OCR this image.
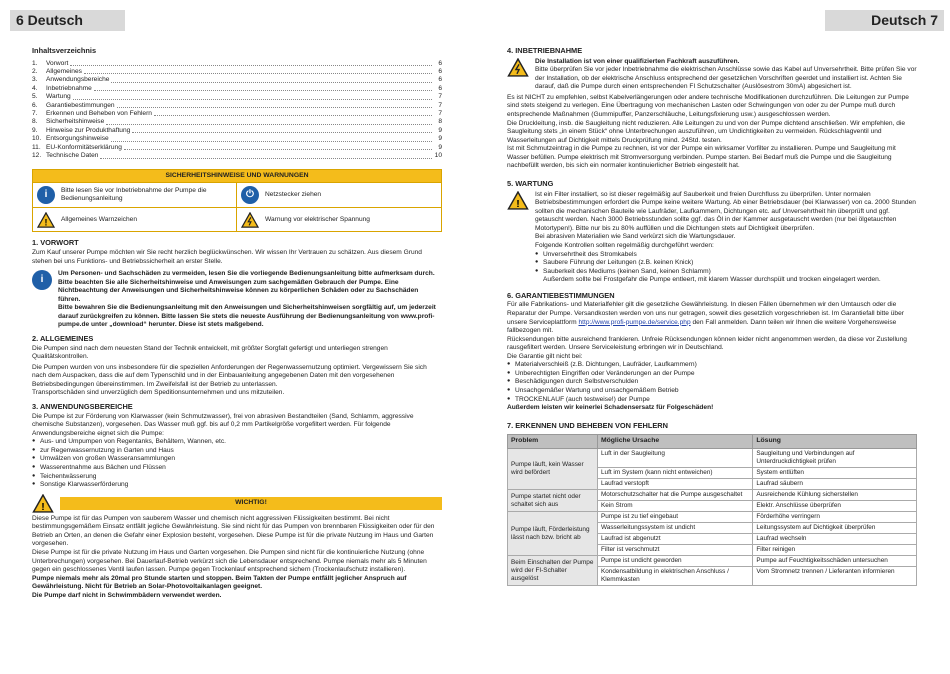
6 Deutsch
Inhaltsverzeichnis
1.	Vorwort	6
2.	Allgemeines	6
3.	Anwendungsbereiche	6
4.	Inbetriebnahme	6
5.	Wartung	7
6.	Garantiebestimmungen	7
7.	Erkennen und Beheben von Fehlern	7
8.	Sicherheitshinweise	8
9.	Hinweise zur Produkthaftung	9
10. Entsorgungshinweise	9
11. EU-Konformitätserklärung	9
12. Technische Daten	10
SICHERHEITSHINWEISE UND WARNUNGEN
i	Bitte lesen Sie vor Inbetriebnahme der Pumpe die Bedienungsanleitung	⏻	Netzstecker ziehen
! Allgemeines Warnzeichen	Warnung vor elektrischer Spannung
1. VORWORT

Zum Kauf unserer Pumpe möchten wir Sie recht herzlich beglückwünschen. Wir wissen Ihr Vertrauen zu schätzen. Aus diesem Grund stehen bei uns Funktions- und Betriebssicherheit an erster Stelle.

i

Um Personen- und Sachschäden zu vermeiden, lesen Sie die vorliegende Bedienungsanleitung bitte aufmerksam durch. Bitte beachten Sie alle Sicherheitshinweise und Anweisungen zum sachgemäßen Gebrauch der Pumpe. Eine Nichtbeachtung der Anweisungen und Sicherheitshinweise können zu körperlichen Schäden oder zu Sachschäden führen.

Bitte bewahren Sie die Bedienungsanleitung mit den Anweisungen und Sicherheitshinweisen sorgfältig auf, um jederzeit darauf zurückgreifen zu können. Bitte lassen Sie stets die neueste Ausführung der Bedienungsanleitung von www.profi-pumpe.de unter „download“ herunter. Diese ist stets maßgebend.

2. ALLGEMEINES

Die Pumpen sind nach dem neuesten Stand der Technik entwickelt, mit größter Sorgfalt gefertigt und unterliegen strengen Qualitätskontrollen.

Die Pumpen wurden von uns insbesondere für die speziellen Anforderungen der Regenwassernutzung optimiert. Vergewissern Sie sich nach dem Auspacken, dass die auf dem Typenschild und in der Einbauanleitung angegebenen Daten mit den vorgesehenen Betriebsbedingungen übereinstimmen. Im Zweifelsfall ist der Betrieb zu unterlassen.

Transportschäden sind unverzüglich dem Speditionsunternehmen und uns mitzuteilen.

3. ANWENDUNGSBEREICHE

Die Pumpe ist zur Förderung von Klarwasser (kein Schmutzwasser), frei von abrasiven Bestandteilen (Sand, Schlamm, aggressive chemische Substanzen), vorgesehen. Das Wasser muß ggf. bis auf 0,2 mm Partikelgröße vorgefiltert werden. Für folgende Anwendungsbereiche eignet sich die Pumpe:

● Aus- und Umpumpen von Regentanks, Behältern, Wannen, etc.
● zur Regenwassernutzung in Garten und Haus
● Umwälzen von großen Wasseransammlungen
● Wasserentnahme aus Bächen und Flüssen
● Teichentwässerung
● Sonstige Klarwasserförderung
!	WICHTIG!

Diese Pumpe ist für das Pumpen von sauberem Wasser und chemisch nicht aggressiven Flüssigkeiten bestimmt. Bei nicht bestimmungsgemäßem Einsatz entfällt jegliche Gewährleistung. Sie sind nicht für das Pumpen von brennbaren Flüssigkeiten oder für den Betrieb an Orten, an denen die Gefahr einer Explosion besteht, vorgesehen. Diese Pumpe ist für die private Nutzung im Haus und Garten vorgesehen.

Diese Pumpe ist für die private Nutzung im Haus und Garten vorgesehen. Die Pumpen sind nicht für die kontinuierliche Nutzung (ohne Unterbrechungen) vorgesehen. Bei Dauerlauf-Betrieb verkürzt sich die Lebensdauer entsprechend. Pumpe niemals mehr als 5 Minuten gegen ein geschlossenes Ventil laufen lassen. Pumpe gegen Trockenlauf entsprechend sichern (Trockenlaufschutz installieren).

Pumpe niemals mehr als 20mal pro Stunde starten und stoppen. Beim Takten der Pumpe entfällt jeglicher Anspruch auf Gewährleistung. Nicht für Betrieb an Solar-Photovoltaikanlagen geeignet.

Die Pumpe darf nicht in Schwimmbädern verwendet werden.

Deutsch 7
4. INBETRIEBNAHME

Die Installation ist von einer qualifizierten Fachkraft auszuführen.

Bitte überprüfen Sie vor jeder Inbetriebnahme die elektrischen Anschlüsse sowie das Kabel auf Unversehrtheit. Bitte prüfen Sie vor der Installation, ob der elektrische Anschluss entsprechend der gesetzlichen Vorschriften geerdet und installiert ist. Achten Sie darauf, daß die Pumpe durch einen entsprechenden FI Schutzschalter (Auslösestrom 30mA) abgesichert ist.

Es ist NICHT zu empfehlen, selbst Kabelverlängerungen oder andere technische Modifikationen durchzuführen. Die Leitungen zur Pumpe sind stets steigend zu verlegen. Eine Übertragung von mechanischen Lasten oder Schwingungen von oder zu der Pumpe muß durch entsprechende Maßnahmen (Gummipuffer, Panzerschläuche, Leitungsfixierung usw.) ausgeschlossen werden.

Die Druckleitung, insb. die Saugleitung nicht reduzieren. Alle Leitungen zu und von der Pumpe dichtend anschließen. Wir empfehlen, die Saugleitung stets „in einem Stück“ ohne Unterbrechungen auszuführen, um Undichtigkeiten zu vermeiden. Rückschlagventil und Wasserleitungen auf Dichtigkeit mittels Druckprüfung mind. 24Std. testen.

Ist mit Schmutzeintrag in die Pumpe zu rechnen, ist vor der Pumpe ein wirksamer Vorfilter zu installieren. Pumpe und Saugleitung mit Wasser befüllen. Pumpe elektrisch mit Stromversorgung verbinden. Pumpe starten. Bei Bedarf muß die Pumpe und die Saugleitung nachbefüllt werden, bis sich ein normaler kontinuierlicher Betrieb eingestellt hat.

5. WARTUNG
!

Ist ein Filter installiert, so ist dieser regelmäßig auf Sauberkeit und freien Durchfluss zu überprüfen. Unter normalen Betriebsbestimmungen erfordert die Pumpe keine weitere Wartung. Ab einer Betriebsdauer (bei Klarwasser) von ca. 2000 Stunden sollten die mechanischen Bauteile wie Laufräder, Laufkammern, Dichtungen etc. auf Unversehrtheit hin überprüft und ggf. getauscht werden. Nach 3000 Betriebsstunden sollte ggf. das Öl in der Kammer ausgetauscht werden (nur bei ölgetauchten Motortypen!). Bitte nur bis zu 80% auffüllen und die Dichtungen stets auf Dichtigkeit überprüfen.

Bei abrasiven Materialien wie Sand verkürzt sich die Wartungsdauer.

Folgende Kontrollen sollten regelmäßig durchgeführt werden:

● Unversehrtheit des Stromkabels
● Saubere Führung der Leitungen (z.B. keinen Knick)
● Sauberkeit des Mediums (keinen Sand, keinen Schlamm)

Außerdem sollte bei Frostgefahr die Pumpe entleert, mit klarem Wasser durchspült und trocken eingelagert werden.

6. GARANTIEBESTIMMUNGEN

Für alle Fabrikations- und Materialfehler gilt die gesetzliche Gewährleistung. In diesen Fällen übernehmen wir den Umtausch oder die Reparatur der Pumpe. Versandkosten werden von uns nur getragen, soweit dies gesetzlich vorgeschrieben ist. Im Garantiefall bitte über unsere Serviceplattform http://www.profi-pumpe.de/service.php den Fall anmelden. Dann teilen wir Ihnen die weitere Vorgehensweise fallbezogen mit.

Rücksendungen bitte ausreichend frankieren. Unfreie Rücksendungen können leider nicht angenommen werden, da diese vor Zustellung rausgefiltert werden. Unsere Serviceleistung erbringen wir in Deutschland.

Die Garantie gilt nicht bei:

● Materialverschleiß (z.B. Dichtungen, Laufräder, Laufkammern)
● Unberechtigten Eingriffen oder Veränderungen an der Pumpe
● Beschädigungen durch Selbstverschulden
● Unsachgemäßer Wartung und unsachgemäßem Betrieb
● TROCKENLAUF (auch testweise!) der Pumpe

Außerdem leisten wir keinerlei Schadensersatz für Folgeschäden!

7. ERKENNEN UND BEHEBEN VON FEHLERN
Problem	Mögliche Ursache	Lösung
Pumpe läuft, kein Wasser wird befördert	Luft in der Saugleitung	Saugleitung und Verbindungen auf Unterdruckdichtigkeit prüfen
	Luft im System (kann nicht entweichen)	System entlüften
	Laufrad verstopft	Laufrad säubern
Pumpe startet nicht oder schaltet sich aus	Motorschutzschalter hat die Pumpe ausgeschaltet	Ausreichende Kühlung sicherstellen
	Kein Strom	Elektr. Anschlüsse überprüfen
Pumpe läuft, Förderleistung lässt nach bzw. bricht ab	Pumpe ist zu tief eingebaut	Förderhöhe verringern
	Wasserleitungssystem ist undicht	Leitungssystem auf Dichtigkeit überprüfen
	Laufrad ist abgenutzt	Laufrad wechseln
	Filter ist verschmutzt	Filter reinigen
Beim Einschalten der Pumpe wird der FI-Schalter ausgelöst	Pumpe ist undicht geworden	Pumpe auf Feuchtigkeitsschäden untersuchen
	Kondensatbildung in elektrischen Anschluss / Klemmkasten	Vom Stromnetz trennen / Lieferanten informieren
